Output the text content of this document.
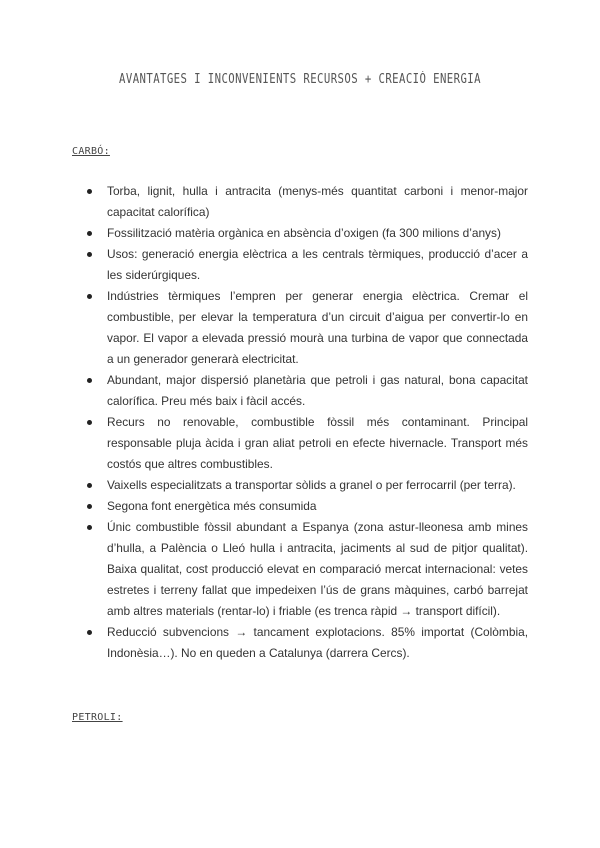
AVANTATGES I INCONVENIENTS RECURSOS + CREACIÓ ENERGIA
CARBÓ:
Torba, lignit, hulla i antracita (menys-més quantitat carboni i menor-major capacitat calorífica)
Fossilització matèria orgànica en absència d’oxigen (fa 300 milions d’anys)
Usos: generació energia elèctrica a les centrals tèrmiques, producció d’acer a les siderúrgiques.
Indústries tèrmiques l’empren per generar energia elèctrica. Cremar el combustible, per elevar la temperatura d’un circuit d’aigua per convertir-lo en vapor. El vapor a elevada pressió mourà una turbina de vapor que connectada a un generador generarà electricitat.
Abundant, major dispersió planetària que petroli i gas natural, bona capacitat calorífica. Preu més baix i fàcil accés.
Recurs no renovable, combustible fòssil més contaminant. Principal responsable pluja àcida i gran aliat petroli en efecte hivernacle. Transport més costós que altres combustibles.
Vaixells especialitzats a transportar sòlids a granel o per ferrocarril (per terra).
Segona font energètica més consumida
Únic combustible fòssil abundant a Espanya (zona astur-lleonesa amb mines d’hulla, a Palència o Lleó hulla i antracita, jaciments al sud de pitjor qualitat). Baixa qualitat, cost producció elevat en comparació mercat internacional: vetes estretes i terreny fallat que impedeixen l’ús de grans màquines, carbó barrejat amb altres materials (rentar-lo) i friable (es trenca ràpid → transport difícil).
Reducció subvencions → tancament explotacions. 85% importat (Colòmbia, Indonèsia…). No en queden a Catalunya (darrera Cercs).
PETROLI:
